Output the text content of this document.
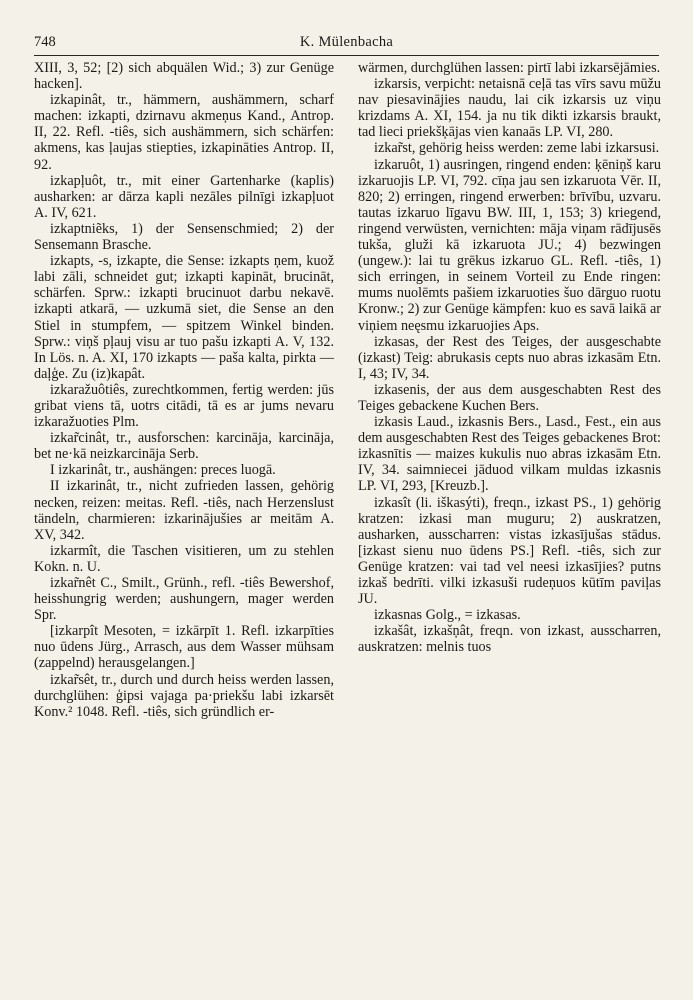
748	K. Mülenbacha

XIII, 3, 52; [2) sich abquälen Wid.; 3) zur Genüge hacken].

izkapinât, tr., hämmern, aushämmern, scharf machen: izkapti, dzirnavu akmeņus Kand., Antrop. II, 22. Refl. -tiês, sich aushämmern, sich schärfen: akmens, kas ļaujas stiepties, izkapināties Antrop. II, 92.

izkapļuôt, tr., mit einer Gartenharke (kaplis) ausharken: ar dārza kapli nezāles pilnīgi izkapļuot A. IV, 621.

izkaptniẽks, 1) der Sensenschmied; 2) der Sensemann Brasche.

izkapts, -s, izkapte, die Sense: izkapts ņem, kuož labi zāli, schneidet gut; izkapti kapināt, brucināt, schärfen. Sprw.: izkapti brucinuot darbu nekavē. izkapti atkarā, — uzkumā siet, die Sense an den Stiel in stumpfem, — spitzem Winkel binden. Sprw.: viņš pļauj visu ar tuo pašu izkapti A. V, 132. In Lös. n. A. XI, 170 izkapts — paša kalta, pirkta — daļģe. Zu (iz)kapât.

izkaražuôtiês, zurechtkommen, fertig werden: jūs gribat viens tā, uotrs citādi, tā es ar jums nevaru izkaražuoties Plm.

izkar̃cinât, tr., ausforschen: karcināja, karcināja, bet ne·kā neizkarcināja Serb.

I izkarinât, tr., aushängen: preces luogā.

II izkarinât, tr., nicht zufrieden lassen, gehörig necken, reizen: meitas. Refl. -tiês, nach Herzenslust tändeln, charmieren: izkarinājušies ar meitām A. XV, 342.

izkarmît, die Taschen visitieren, um zu stehlen Kokn. n. U.

izkar̃nêt C., Smilt., Grünh., refl. -tiês Bewershof, heisshungrig werden; aushungern, mager werden Spr.

[izkarpît Mesoten, = izkārpīt 1. Refl. izkarpīties nuo ūdens Jürg., Arrasch, aus dem Wasser mühsam (zappelnd) herausgelangen.]

izkar̃sêt, tr., durch und durch heiss werden lassen, durchglühen: ģipsi vajaga pa·priekšu labi izkarsēt Konv.² 1048. Refl. -tiês, sich gründlich er-

wärmen, durchglühen lassen: pirtī labi izkarsējāmies.

izkarsis, verpicht: netaisnā ceļā tas vīrs savu mūžu nav piesavinājies naudu, lai cik izkarsis uz viņu krizdams A. XI, 154. ja nu tik dikti izkarsis braukt, tad lieci priekšķājas vien kanaās LP. VI, 280.

izkar̃st, gehörig heiss werden: zeme labi izkarsusi.

izkaruôt, 1) ausringen, ringend enden: ķēniņš karu izkaruojis LP. VI, 792. cīņa jau sen izkaruota Vēr. II, 820; 2) erringen, ringend erwerben: brīvību, uzvaru. tautas izkaruo līgavu BW. III, 1, 153; 3) kriegend, ringend verwüsten, vernichten: māja viņam rādījusēs tukša, gluži kā izkaruota JU.; 4) bezwingen (ungew.): lai tu grēkus izkaruo GL. Refl. -tiês, 1) sich erringen, in seinem Vorteil zu Ende ringen: mums nuolēmts pašiem izkaruoties šuo dārguo ruotu Kronw.; 2) zur Genüge kämpfen: kuo es savā laikā ar viņiem neęsmu izkaruojies Aps.

izkasas, der Rest des Teiges, der ausgeschabte (izkast) Teig: abrukasis cepts nuo abras izkasām Etn. I, 43; IV, 34.

izkasenis, der aus dem ausgeschabten Rest des Teiges gebackene Kuchen Bers.

izkasis Laud., izkasnis Bers., Lasd., Fest., ein aus dem ausgeschabten Rest des Teiges gebackenes Brot: izkasnītis — maizes kukulis nuo abras izkasām Etn. IV, 34. saimniecei jāduod vilkam muldas izkasnis LP. VI, 293, [Kreuzb.].

izkasît (li. iškasýti), freqn., izkast PS., 1) gehörig kratzen: izkasi man muguru; 2) auskratzen, ausharken, ausscharren: vistas izkasījušas stādus. [izkast sienu nuo ūdens PS.] Refl. -tiês, sich zur Genüge kratzen: vai tad vel neesi izkasījies? putns izkaš bedrīti. vilki izkasuši rudeņuos kūtīm paviļas JU.

izkasnas Golg., = izkasas.

izkašât, izkašņât, freqn. von izkast, ausscharren, auskratzen: melnis tuos
